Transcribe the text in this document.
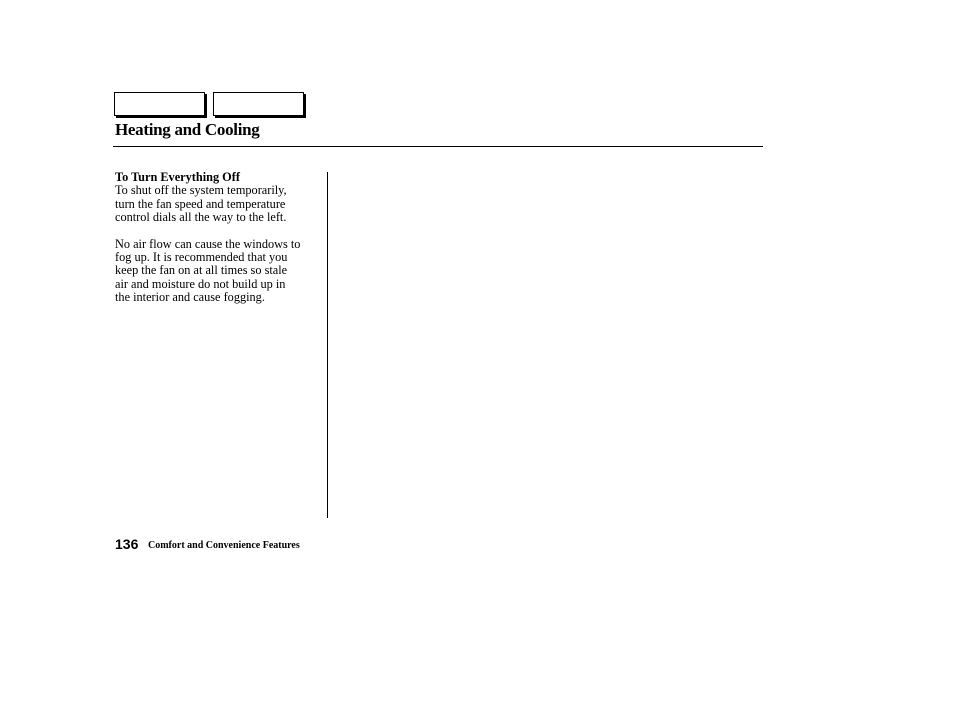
Heating and Cooling
To Turn Everything Off

To shut off the system temporarily,
turn the fan speed and temperature
control dials all the way to the left.

No air flow can cause the windows to
fog up. It is recommended that you
keep the fan on at all times so stale
air and moisture do not build up in
the interior and cause fogging.

136 Comfort and Convenience Features
